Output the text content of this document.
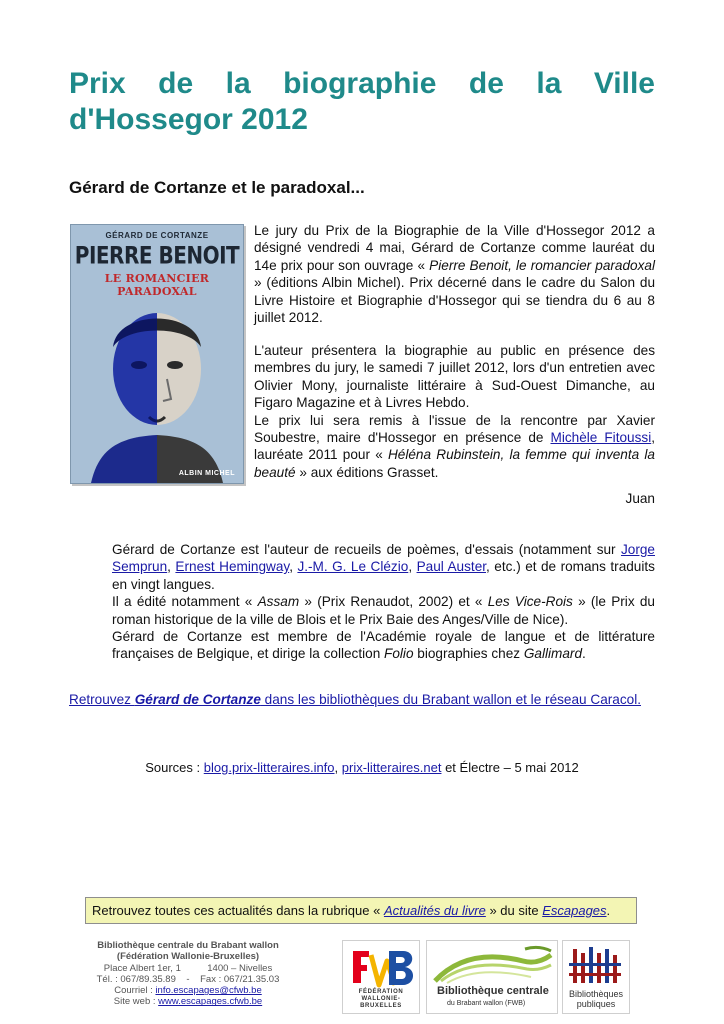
Prix de la biographie de la Ville d'Hossegor 2012
Gérard de Cortanze et le paradoxal...
GÉRARD DE CORTANZE
PIERRE BENOIT
LE ROMANCIER PARADOXAL
ALBIN MICHEL

Le jury du Prix de la Biographie de la Ville d'Hossegor 2012 a désigné vendredi 4 mai, Gérard de Cortanze comme lauréat du 14e prix pour son ouvrage « Pierre Benoit, le romancier paradoxal » (éditions Albin Michel). Prix décerné dans le cadre du Salon du Livre Histoire et Biographie d'Hossegor qui se tiendra du 6 au 8 juillet 2012.

L'auteur présentera la biographie au public en présence des membres du jury, le samedi 7 juillet 2012, lors d'un entretien avec Olivier Mony, journaliste littéraire à Sud-Ouest Dimanche, au Figaro Magazine et à Livres Hebdo.
Le prix lui sera remis à l'issue de la rencontre par Xavier Soubestre, maire d'Hossegor en présence de Michèle Fitoussi, lauréate 2011 pour « Héléna Rubinstein, la femme qui inventa la beauté » aux éditions Grasset.

Juan

Gérard de Cortanze est l'auteur de recueils de poèmes, d'essais (notamment sur Jorge Semprun, Ernest Hemingway, J.-M. G. Le Clézio, Paul Auster, etc.) et de romans traduits en vingt langues.
Il a édité notamment « Assam » (Prix Renaudot, 2002) et « Les Vice-Rois » (le Prix du roman historique de la ville de Blois et le Prix Baie des Anges/Ville de Nice).
Gérard de Cortanze est membre de l'Académie royale de langue et de littérature françaises de Belgique, et dirige la collection Folio biographies chez Gallimard.

Retrouvez Gérard de Cortanze dans les bibliothèques du Brabant wallon et le réseau Caracol.

Sources : blog.prix-litteraires.info, prix-litteraires.net et Électre – 5 mai 2012

Retrouvez toutes ces actualités dans la rubrique « Actualités du livre » du site Escapages.
Bibliothèque centrale du Brabant wallon
(Fédération Wallonie-Bruxelles)
Place Albert 1er, 1          1400 – Nivelles
Tél. : 067/89.35.89    -    Fax : 067/21.35.03
Courriel : info.escapages@cfwb.be
Site web : www.escapages.cfwb.be
FÉDÉRATION
WALLONIE-BRUXELLES
Bibliothèque centrale
du Brabant wallon (FWB)
Bibliothèques
publiques
